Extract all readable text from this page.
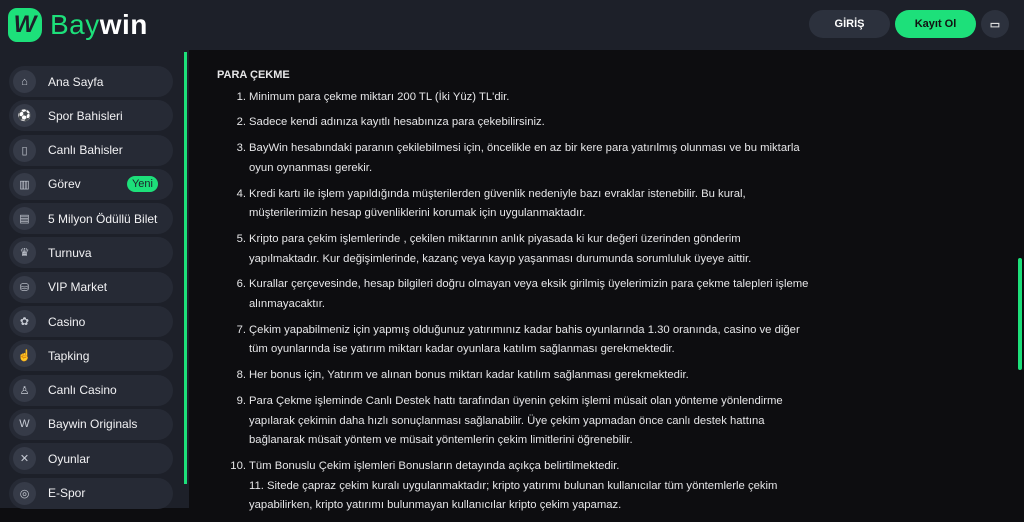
W Baywin
⌂	Ana Sayfa
⚽	Spor Bahisleri
▯	Canlı Bahisler
▥	Görev	Yeni
▤	5 Milyon Ödüllü Bilet
♛	Turnuva
⛁	VIP Market
✿	Casino
☝	Tapking
♙	Canlı Casino
W	Baywin Originals
✕	Oyunlar
◎	E-Spor
GİRİŞ	Kayıt Ol	▭
PARA ÇEKME
1. Minimum para çekme miktarı 200 TL (İki Yüz) TL'dir.
2. Sadece kendi adınıza kayıtlı hesabınıza para çekebilirsiniz.
3. BayWin hesabındaki paranın çekilebilmesi için, öncelikle en az bir kere para yatırılmış olunması ve bu miktarla
oyun oynanması gerekir.
4. Kredi kartı ile işlem yapıldığında müşterilerden güvenlik nedeniyle bazı evraklar istenebilir. Bu kural,
müşterilerimizin hesap güvenliklerini korumak için uygulanmaktadır.
5. Kripto para çekim işlemlerinde , çekilen miktarının anlık piyasada ki kur değeri üzerinden gönderim
yapılmaktadır. Kur değişimlerinde, kazanç veya kayıp yaşanması durumunda sorumluluk üyeye aittir.
6. Kurallar çerçevesinde, hesap bilgileri doğru olmayan veya eksik girilmiş üyelerimizin para çekme talepleri işleme
alınmayacaktır.
7. Çekim yapabilmeniz için yapmış olduğunuz yatırımınız kadar bahis oyunlarında 1.30 oranında, casino ve diğer
tüm oyunlarında ise yatırım miktarı kadar oyunlara katılım sağlanması gerekmektedir.
8. Her bonus için, Yatırım ve alınan bonus miktarı kadar katılım sağlanması gerekmektedir.
9. Para Çekme işleminde Canlı Destek hattı tarafından üyenin çekim işlemi müsait olan yönteme yönlendirme
yapılarak çekimin daha hızlı sonuçlanması sağlanabilir. Üye çekim yapmadan önce canlı destek hattına
bağlanarak müsait yöntem ve müsait yöntemlerin çekim limitlerini öğrenebilir.
10. Tüm Bonuslu Çekim işlemleri Bonusların detayında açıkça belirtilmektedir.
11. Sitede çapraz çekim kuralı uygulanmaktadır; kripto yatırımı bulunan kullanıcılar tüm yöntemlerle çekim
yapabilirken, kripto yatırımı bulunmayan kullanıcılar kripto çekim yapamaz.
